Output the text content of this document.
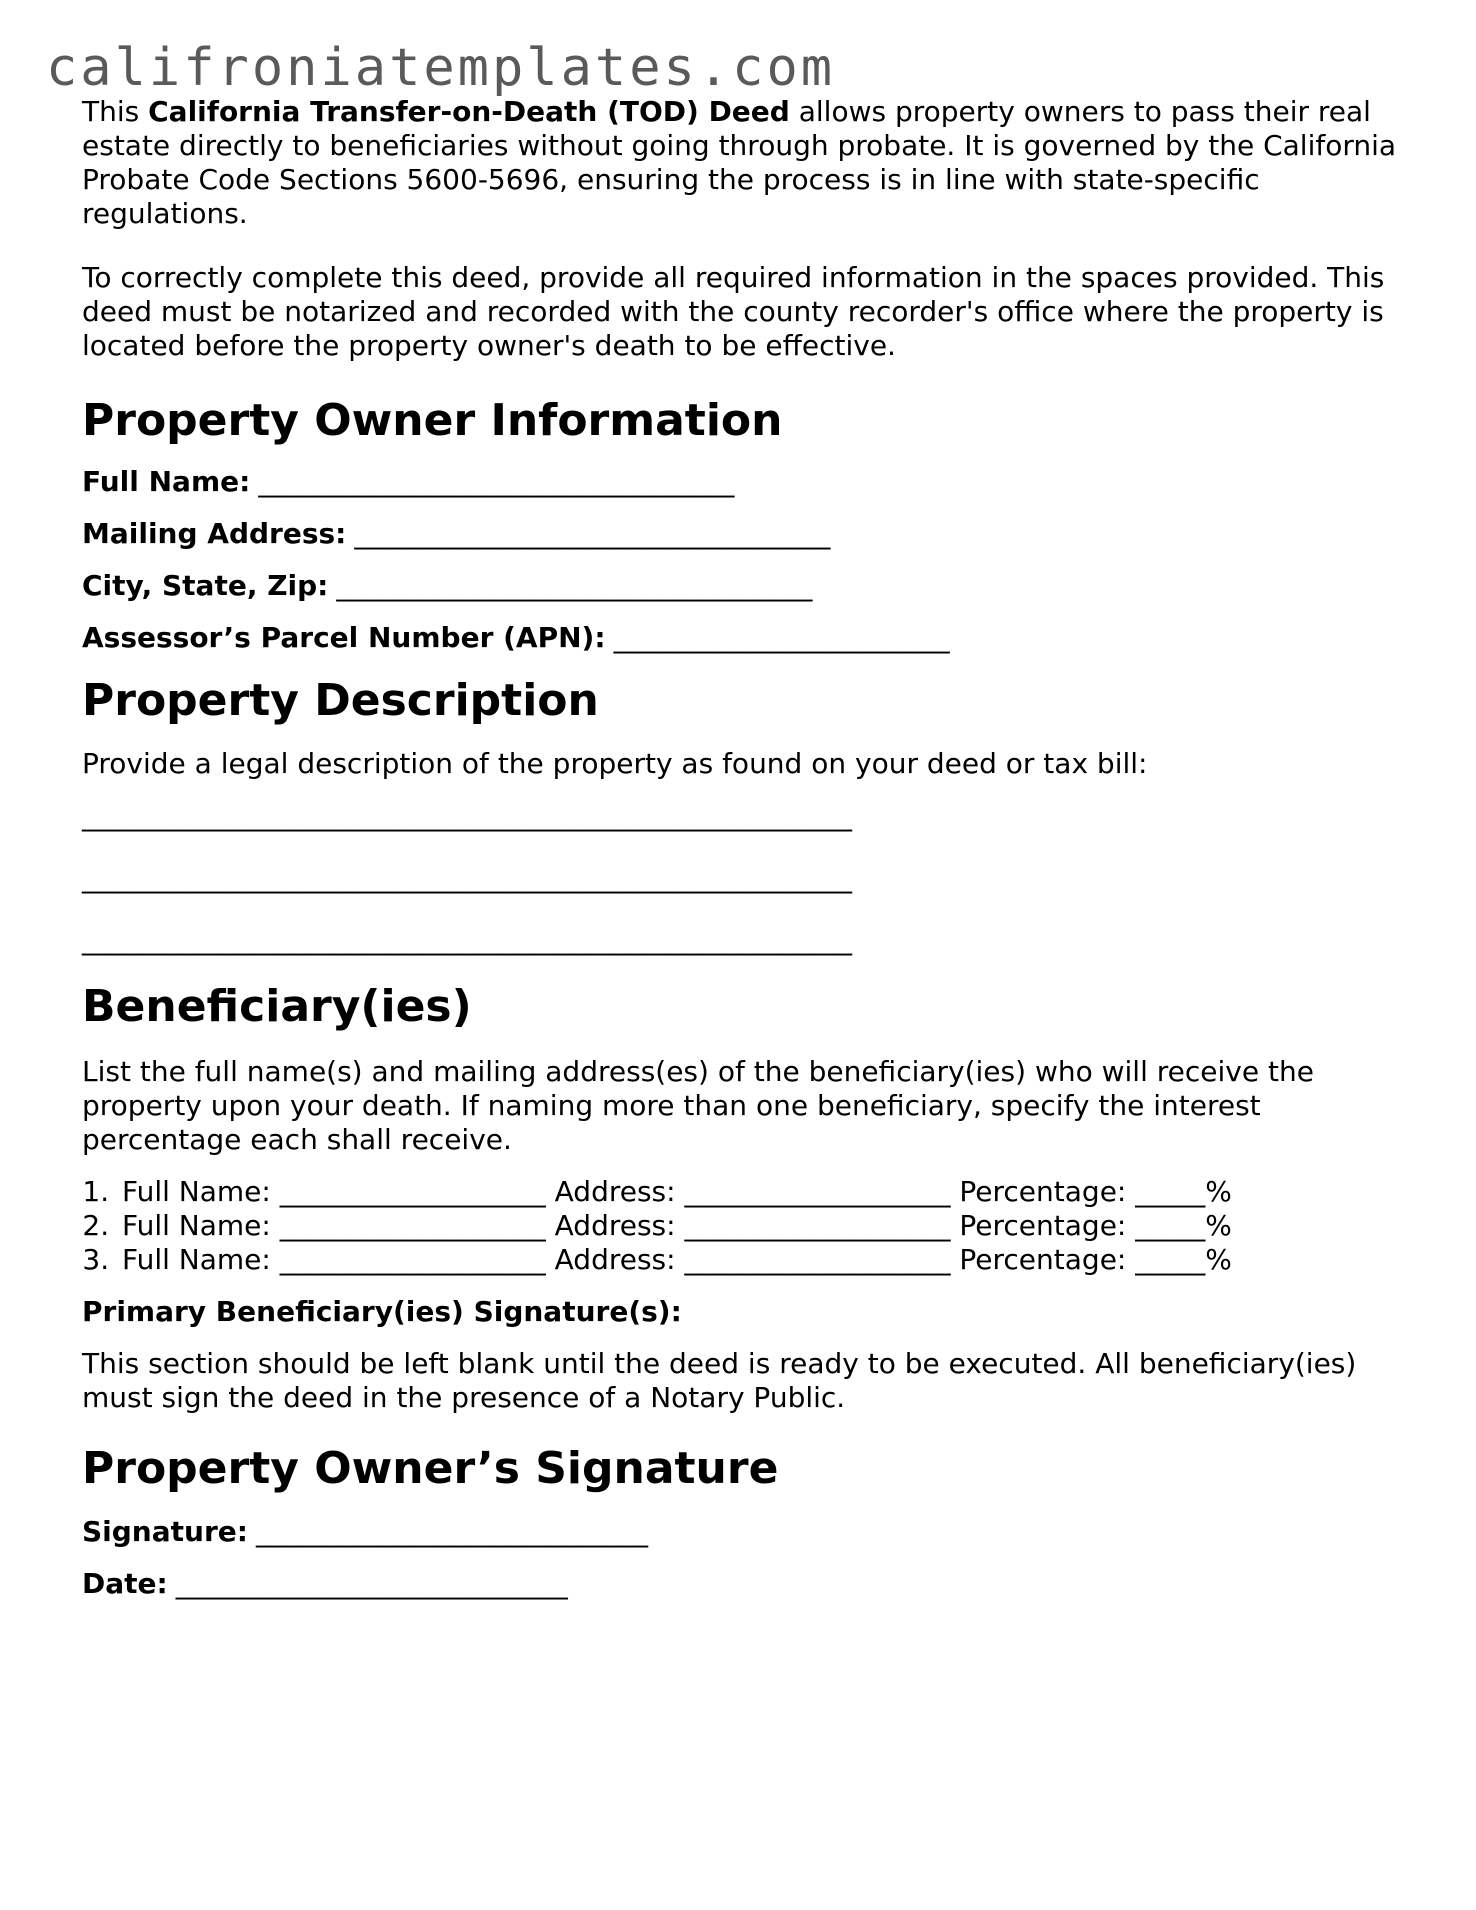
califroniatemplates.com

This California Transfer-on-Death (TOD) Deed allows property owners to pass their real estate directly to beneficiaries without going through probate. It is governed by the California Probate Code Sections 5600-5696, ensuring the process is in line with state-specific regulations.

To correctly complete this deed, provide all required information in the spaces provided. This deed must be notarized and recorded with the county recorder's office where the property is located before the property owner's death to be effective.

Property Owner Information

Full Name: __________________________________

Mailing Address: __________________________________

City, State, Zip: __________________________________

Assessor’s Parcel Number (APN): ________________________

Property Description

Provide a legal description of the property as found on your deed or tax bill:

_______________________________________________________
_______________________________________________________
_______________________________________________________
Beneficiary(ies)

List the full name(s) and mailing address(es) of the beneficiary(ies) who will receive the property upon your death. If naming more than one beneficiary, specify the interest percentage each shall receive.

1. Full Name: ___________________ Address: ___________________ Percentage: _____%
2. Full Name: ___________________ Address: ___________________ Percentage: _____%
3. Full Name: ___________________ Address: ___________________ Percentage: _____%

Primary Beneficiary(ies) Signature(s):

This section should be left blank until the deed is ready to be executed. All beneficiary(ies) must sign the deed in the presence of a Notary Public.

Property Owner’s Signature

Signature: ____________________________

Date: ____________________________
